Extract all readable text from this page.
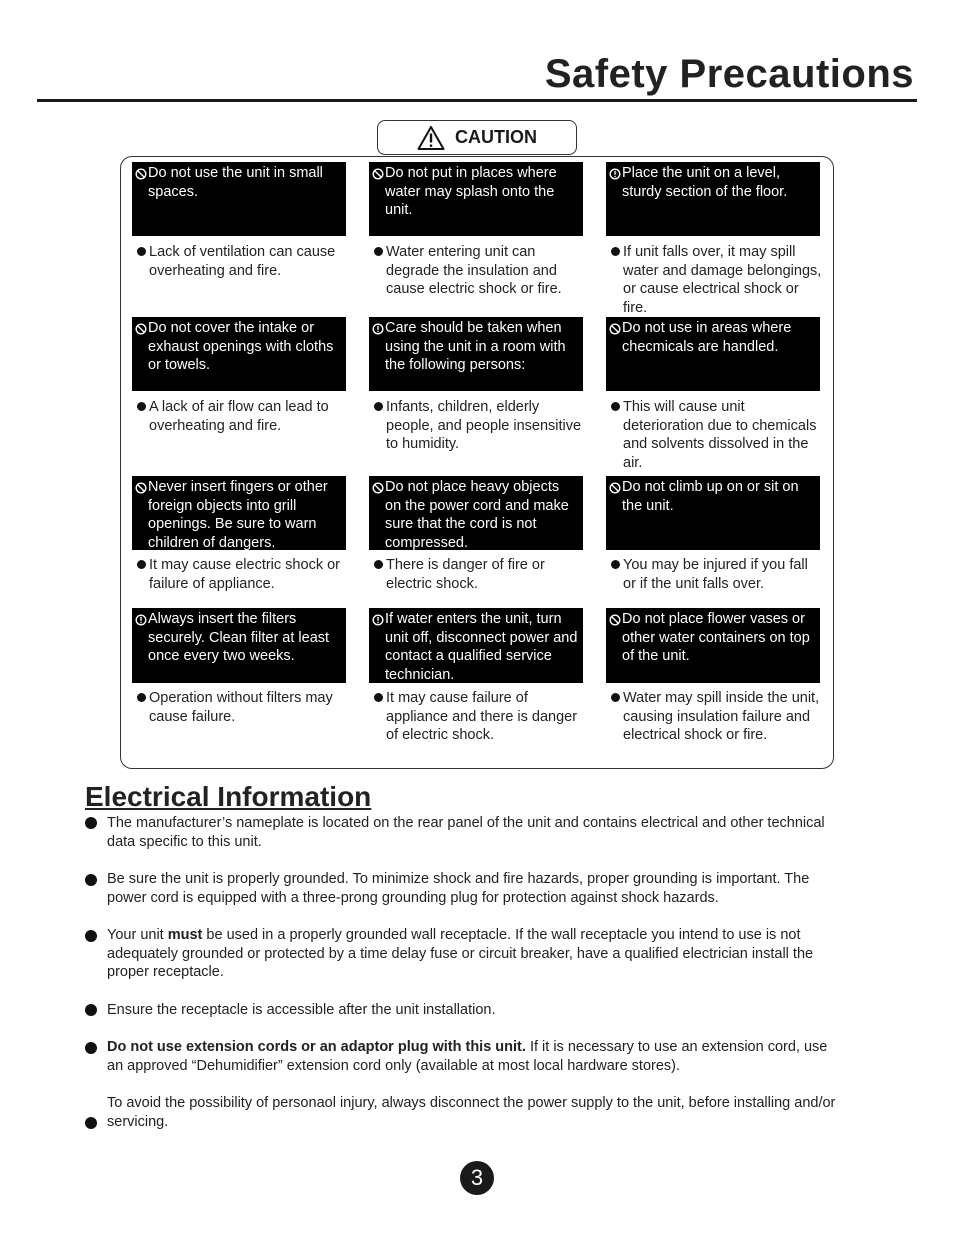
Safety Precautions
CAUTION
Do not use the unit in small spaces.
Do not put in places where water may splash onto the unit.
Place the unit on a level, sturdy section of the floor.
Lack of ventilation can cause overheating and fire.
Water entering unit can degrade the insulation and cause electric shock or fire.
If unit falls over, it may spill water and damage belongings, or cause electrical shock or fire.
Do not cover the intake or exhaust openings with cloths or towels.
Care should be taken when using the unit in a room with the following persons:
Do not use in areas where checmicals are handled.
A lack of air flow can lead to overheating and fire.
Infants, children, elderly people, and people insensitive to humidity.
This will cause unit deterioration due to chemicals and solvents dissolved in the air.
Never insert fingers or other foreign objects into grill openings. Be sure to warn children of dangers.
Do not place heavy objects on the power cord and make sure that the cord is not compressed.
Do not climb up on or sit on the unit.
It may cause electric shock or failure of appliance.
There is danger of fire or electric shock.
You may be injured if you fall or if the unit falls over.
Always insert the filters securely. Clean filter at least once every two weeks.
If water enters the unit, turn unit off, disconnect power and contact a qualified service technician.
Do not place flower vases or other water containers on top of the unit.
Operation without filters may cause failure.
It may cause failure of appliance and there is danger of electric shock.
Water may spill inside the unit, causing insulation failure and electrical shock or fire.
Electrical Information
The manufacturer’s nameplate is located on the rear panel of the unit and contains electrical and other technical data specific to this unit.
Be sure the unit is properly grounded. To minimize shock and fire hazards, proper grounding is important. The power cord is equipped with a three-prong grounding plug for protection against shock hazards.
Your unit must be used in a properly grounded wall receptacle. If the wall receptacle you intend to use is not adequately grounded or protected by a time delay fuse or circuit breaker, have a qualified electrician install the proper receptacle.
Ensure the receptacle is accessible after the unit installation.
Do not use extension cords or an adaptor plug with this unit. If it is necessary to use an extension cord, use an approved “Dehumidifier” extension cord only (available at most local hardware stores).
To avoid the possibility of personaol injury, always disconnect the power supply to the unit, before installing and/or servicing.
3
